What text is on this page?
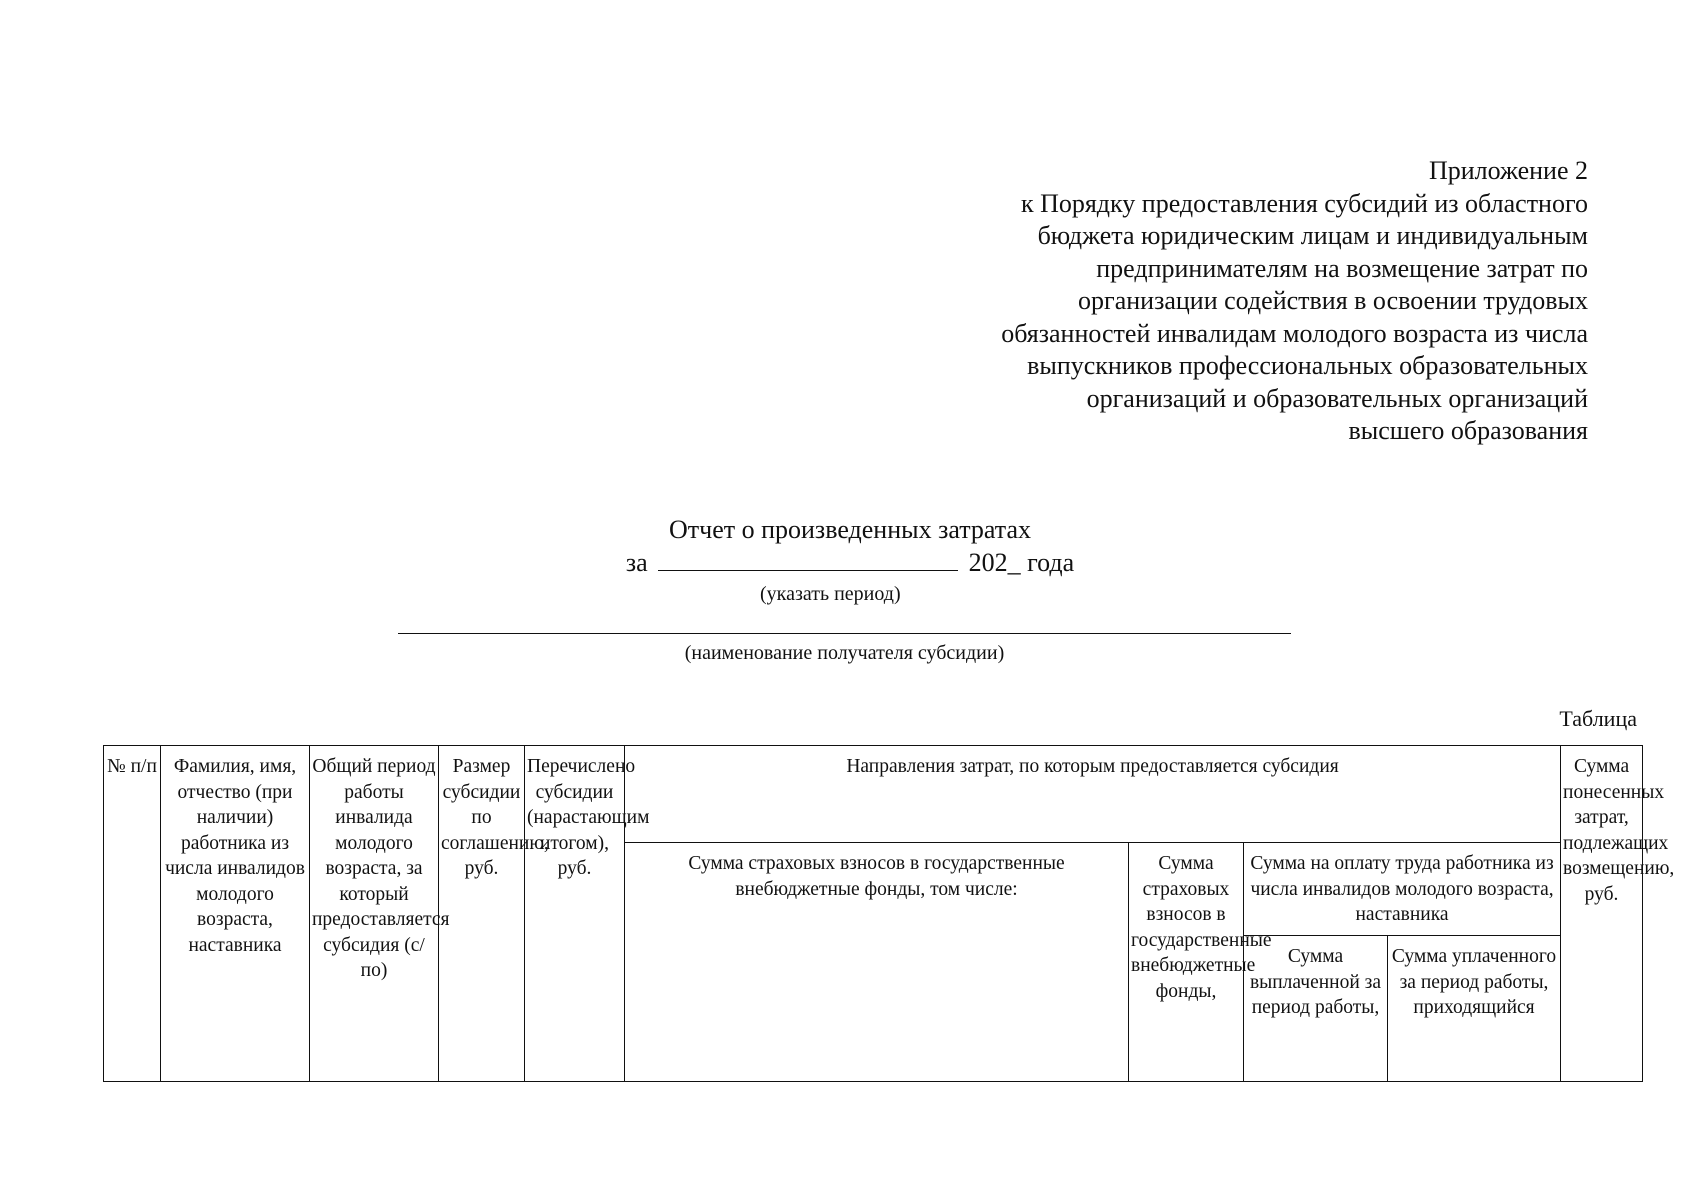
Приложение 2
к Порядку предоставления субсидий из областного
бюджета юридическим лицам и индивидуальным
предпринимателям на возмещение затрат по
организации содействия в освоении трудовых
обязанностей инвалидам молодого возраста из числа
выпускников профессиональных образовательных
организаций и образовательных организаций
высшего образования
Отчет о произведенных затратах
за	202_ года
(указать период)
(наименование получателя субсидии)
Таблица
№ п/п	Фамилия, имя, отчество (при наличии) работника из числа инвалидов молодого возраста, наставника	Общий период работы инвалида молодого возраста, за который предоставляется субсидия (с/по)	Размер субсидии по соглашению, руб.	Перечислено субсидии (нарастающим итогом), руб.	Направления затрат, по которым предоставляется субсидия				Сумма понесенных затрат, подлежащих возмещению, руб.
					Сумма страховых взносов в государственные внебюджетные фонды, том числе:	Сумма страховых взносов в государственные внебюджетные фонды,	Сумма на оплату труда работника из числа инвалидов молодого возраста, наставника		
							Сумма выплаченной за период работы,	Сумма уплаченного за период работы, приходящийся	
